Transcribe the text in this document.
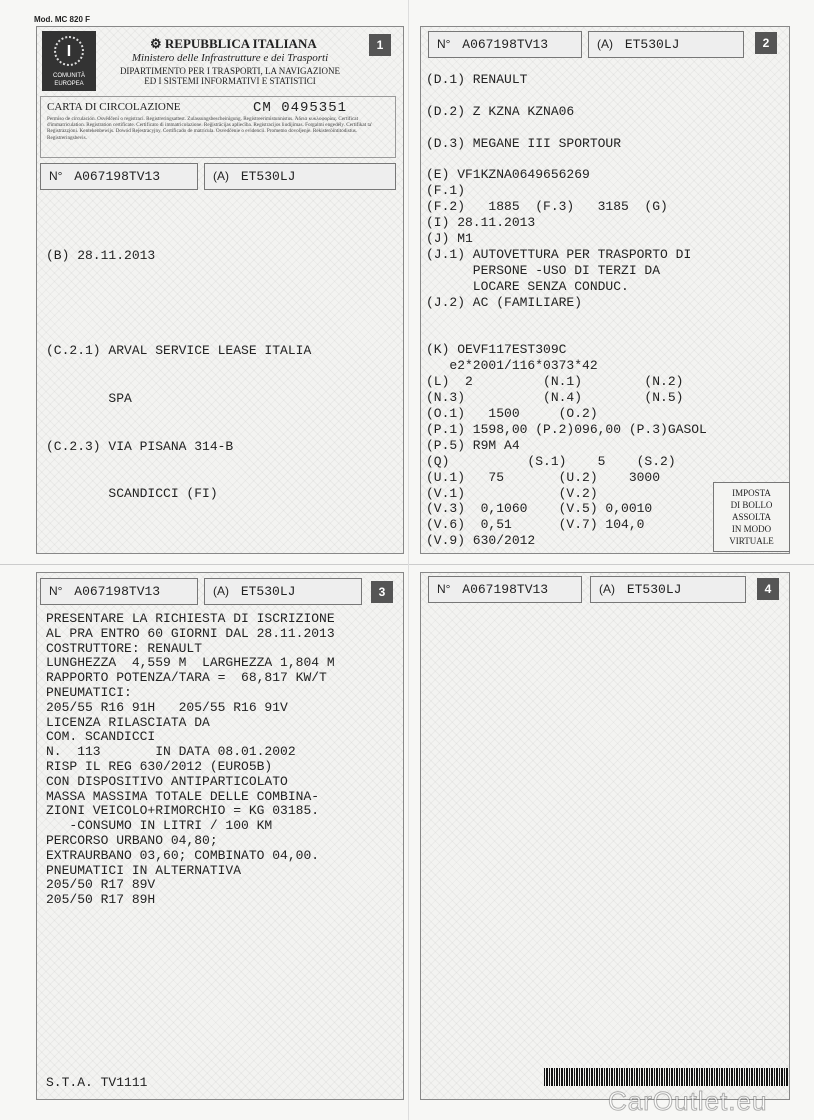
Mod. MC 820 F
I
COMUNITÀ EUROPEA
⚙ REPUBBLICA ITALIANA
Ministero delle Infrastrutture e dei Trasporti
DIPARTIMENTO PER I TRASPORTI, LA NAVIGAZIONE
ED I SISTEMI INFORMATIVI E STATISTICI
1
CARTA DI CIRCOLAZIONE	CM 0495351
Permiso de circulación. Osvědčení o registraci. Registreringsattest. Zulassungsbescheinigung. Registreerimistunnistus. Άδεια κυκλοφορίας. Certificat d'immatriculation. Registration certificate. Certificato di immatricolazione. Reģistrācijas apliecība. Registracijos liudijimas. Forgalmi engedély. Certifikat ta' Registrazzjoni. Kentekenbewijs. Dowód Rejestracyjny. Certificado de matrícula. Osvedčenie o evidencii. Prometno dovoljenje. Rekisteröintitodistus. Registreringsbevis.
N° A067198TV13	(A) ET530LJ

(B) 28.11.2013

(C.2.1) ARVAL SERVICE LEASE ITALIA

SPA

(C.2.3) VIA PISANA 314-B

SCANDICCI (FI)

N° A067198TV13	(A) ET530LJ	2
(D.1) RENAULT

(D.2) Z KZNA KZNA06

(D.3) MEGANE III SPORTOUR

(E) VF1KZNA0649656269
(F.1)
(F.2)   1885  (F.3)   3185  (G)
(I) 28.11.2013
(J) M1
(J.1) AUTOVETTURA PER TRASPORTO DI
PERSONE -USO DI TERZI DA
LOCARE SENZA CONDUC.
(J.2) AC (FAMILIARE)

(K) OEVF117EST309C
e2*2001/116*0373*42
(L)  2         (N.1)        (N.2)
(N.3)          (N.4)        (N.5)
(O.1)   1500     (O.2)
(P.1) 1598,00 (P.2)096,00 (P.3)GASOL
(P.5) R9M A4
(Q)          (S.1)    5    (S.2)
(U.1)   75       (U.2)    3000
(V.1)            (V.2)
(V.3)  0,1060    (V.5) 0,0010
(V.6)  0,51      (V.7) 104,0
(V.9) 630/2012
IMPOSTA
DI BOLLO
ASSOLTA
IN MODO
VIRTUALE
N° A067198TV13	(A) ET530LJ	3
PRESENTARE LA RICHIESTA DI ISCRIZIONE
AL PRA ENTRO 60 GIORNI DAL 28.11.2013
COSTRUTTORE: RENAULT
LUNGHEZZA  4,559 M  LARGHEZZA 1,804 M
RAPPORTO POTENZA/TARA =  68,817 KW/T
PNEUMATICI:
205/55 R16 91H   205/55 R16 91V
LICENZA RILASCIATA DA
COM. SCANDICCI
N.  113       IN DATA 08.01.2002
RISP IL REG 630/2012 (EURO5B)
CON DISPOSITIVO ANTIPARTICOLATO
MASSA MASSIMA TOTALE DELLE COMBINA-
ZIONI VEICOLO+RIMORCHIO = KG 03185.
-CONSUMO IN LITRI / 100 KM
PERCORSO URBANO 04,80;
EXTRAURBANO 03,60; COMBINATO 04,00.
PNEUMATICI IN ALTERNATIVA
205/50 R17 89V
205/50 R17 89H
S.T.A. TV1111
N° A067198TV13	(A) ET530LJ	4
CarOutlet.eu
